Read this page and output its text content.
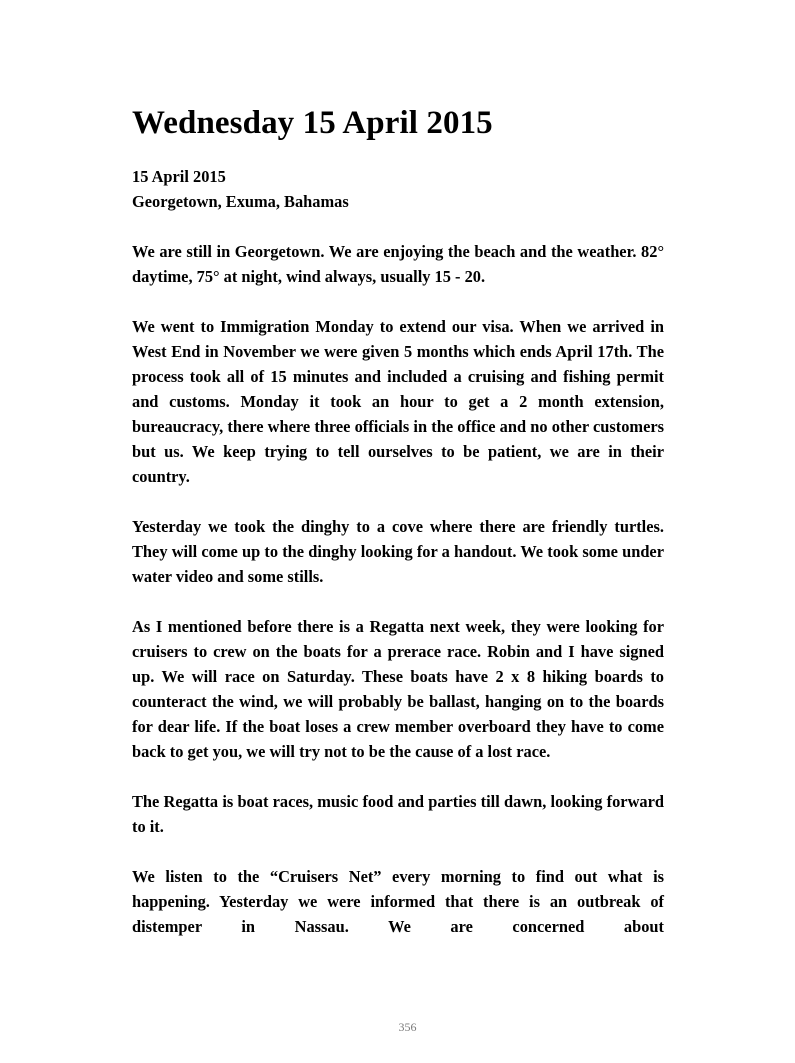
Wednesday 15 April 2015
15 April 2015
Georgetown, Exuma, Bahamas

We are still in Georgetown. We are enjoying the beach and the weather. 82° daytime, 75° at night, wind always, usually 15 - 20.

We went to Immigration Monday to extend our visa. When we arrived in West End in November we were given 5 months which ends April 17th. The process took all of 15 minutes and included a cruising and fishing permit and customs. Monday it took an hour to get a 2 month extension, bureaucracy, there where three officials in the office and no other customers but us. We keep trying to tell ourselves to be patient, we are in their country.

Yesterday we took the dinghy to a cove where there are friendly turtles. They will come up to the dinghy looking for a handout. We took some under water video and some stills.

As I mentioned before there is a Regatta next week, they were looking for cruisers to crew on the boats for a prerace race. Robin and I have signed up. We will race on Saturday. These boats have 2 x 8 hiking boards to counteract the wind, we will probably be ballast, hanging on to the boards for dear life. If the boat loses a crew member overboard they have to come back to get you, we will try not to be the cause of a lost race.

The Regatta is boat races, music food and parties till dawn, looking forward to it.

We listen to the “Cruisers Net” every morning to find out what is happening. Yesterday we were informed that there is an outbreak of distemper in Nassau. We are concerned about

356
